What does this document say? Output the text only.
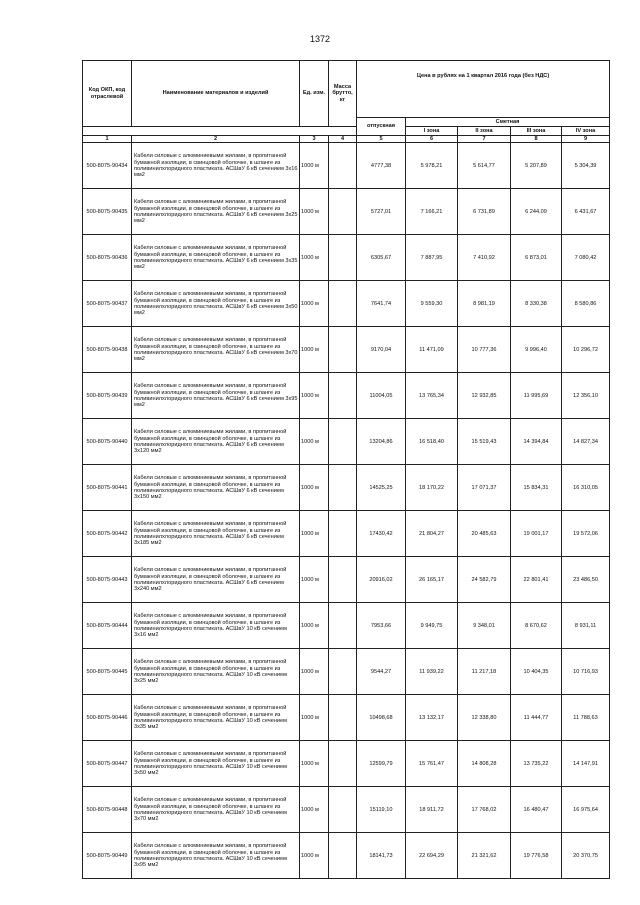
1372
Код ОКП, код отраслевой	Наименование материалов и изделий	Ед. изм.	Масса брутто, кг	Цена в рублях на 1 квартал 2016 года (без НДС)				
				отпускная	Сметная			
					I зона	II зона	III зона	IV зона
1	2	3	4	5	6	7	8	9
500-8075-90434	Кабели силовые с алюминиевыми жилами, в пропитанной бумажной изоляции, в свинцовой оболочке, в шланге из поливинилхлоридного пластиката. АСШвУ 6 кВ сечением 3х16 мм2	1000 м		4777,38	5 978,21	5 614,77	5 207,89	5 304,39
500-8075-90435	Кабели силовые с алюминиевыми жилами, в пропитанной бумажной изоляции, в свинцовой оболочке, в шланге из поливинилхлоридного пластиката. АСШвУ 6 кВ сечением 3х25 мм2	1000 м		5727,01	7 166,21	6 731,89	6 244,09	6 431,67
500-8075-90436	Кабели силовые с алюминиевыми жилами, в пропитанной бумажной изоляции, в свинцовой оболочке, в шланге из поливинилхлоридного пластиката. АСШвУ 6 кВ сечением 3х35 мм2	1000 м		6305,67	7 887,95	7 410,92	6 873,01	7 080,42
500-8075-90437	Кабели силовые с алюминиевыми жилами, в пропитанной бумажной изоляции, в свинцовой оболочке, в шланге из поливинилхлоридного пластиката. АСШвУ 6 кВ сечением 3х50 мм2	1000 м		7641,74	9 559,30	8 981,19	8 330,38	8 580,86
500-8075-90438	Кабели силовые с алюминиевыми жилами, в пропитанной бумажной изоляции, в свинцовой оболочке, в шланге из поливинилхлоридного пластиката. АСШвУ 6 кВ сечением 3х70 мм2	1000 м		9170,04	11 471,09	10 777,36	9 996,40	10 296,72
500-8075-90439	Кабели силовые с алюминиевыми жилами, в пропитанной бумажной изоляции, в свинцовой оболочке, в шланге из поливинилхлоридного пластиката. АСШвУ 6 кВ сечением 3х95 мм2	1000 м		11004,05	13 765,34	12 932,85	11 995,69	12 356,10
500-8075-90440	Кабели силовые с алюминиевыми жилами, в пропитанной бумажной изоляции, в свинцовой оболочке, в шланге из поливинилхлоридного пластиката. АСШвУ 6 кВ сечением 3х120 мм2	1000 м		13204,86	16 518,40	15 519,43	14 394,84	14 827,34
500-8075-90441	Кабели силовые с алюминиевыми жилами, в пропитанной бумажной изоляции, в свинцовой оболочке, в шланге из поливинилхлоридного пластиката. АСШвУ 6 кВ сечением 3х150 мм2	1000 м		14525,25	18 170,22	17 071,37	15 834,31	16 310,05
500-8075-90442	Кабели силовые с алюминиевыми жилами, в пропитанной бумажной изоляции, в свинцовой оболочке, в шланге из поливинилхлоридного пластиката. АСШвУ 6 кВ сечением 3х185 мм2	1000 м		17430,42	21 804,27	20 485,63	19 001,17	19 572,06
500-8075-90443	Кабели силовые с алюминиевыми жилами, в пропитанной бумажной изоляции, в свинцовой оболочке, в шланге из поливинилхлоридного пластиката. АСШвУ 6 кВ сечением 3х240 мм2	1000 м		20916,02	26 165,17	24 582,79	22 801,41	23 486,50
500-8075-90444	Кабели силовые с алюминиевыми жилами, в пропитанной бумажной изоляции, в свинцовой оболочке, в шланге из поливинилхлоридного пластиката. АСШвУ 10 кВ сечением 3х16 мм2	1000 м		7953,66	9 949,75	9 348,01	8 670,62	8 931,11
500-8075-90445	Кабели силовые с алюминиевыми жилами, в пропитанной бумажной изоляции, в свинцовой оболочке, в шланге из поливинилхлоридного пластиката. АСШвУ 10 кВ сечением 3х25 мм2	1000 м		9544,27	11 939,22	11 217,18	10 404,35	10 716,93
500-8075-90446	Кабели силовые с алюминиевыми жилами, в пропитанной бумажной изоляции, в свинцовой оболочке, в шланге из поливинилхлоридного пластиката. АСШвУ 10 кВ сечением 3х35 мм2	1000 м		10498,68	13 132,17	12 338,80	11 444,77	11 788,63
500-8075-90447	Кабели силовые с алюминиевыми жилами, в пропитанной бумажной изоляции, в свинцовой оболочке, в шланге из поливинилхлоридного пластиката. АСШвУ 10 кВ сечением 3х50 мм2	1000 м		12599,79	15 761,47	14 808,28	13 735,22	14 147,91
500-8075-90448	Кабели силовые с алюминиевыми жилами, в пропитанной бумажной изоляции, в свинцовой оболочке, в шланге из поливинилхлоридного пластиката. АСШвУ 10 кВ сечением 3х70 мм2	1000 м		15119,10	18 911,72	17 768,02	16 480,47	16 975,64
500-8075-90449	Кабели силовые с алюминиевыми жилами, в пропитанной бумажной изоляции, в свинцовой оболочке, в шланге из поливинилхлоридного пластиката. АСШвУ 10 кВ сечением 3х95 мм2	1000 м		18141,73	22 694,29	21 321,62	19 776,58	20 370,75
